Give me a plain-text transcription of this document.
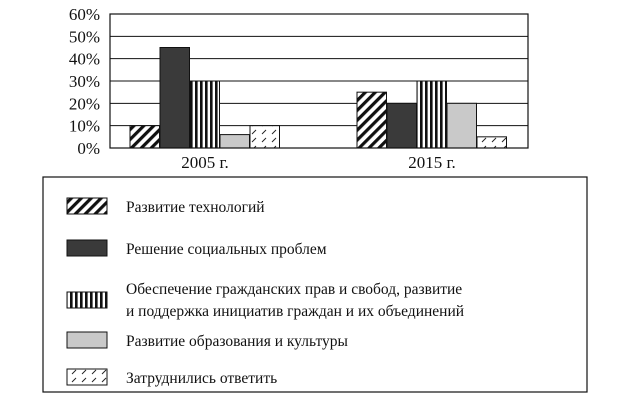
0%
10%
20%
30%
40%
50%
60%
2005 г.	2015 г.
Развитие технологий
Решение социальных проблем
Обеспечение гражданских прав и свобод, развитие
и поддержка инициатив граждан и их объединений
Развитие образования и культуры
Затруднились ответить
